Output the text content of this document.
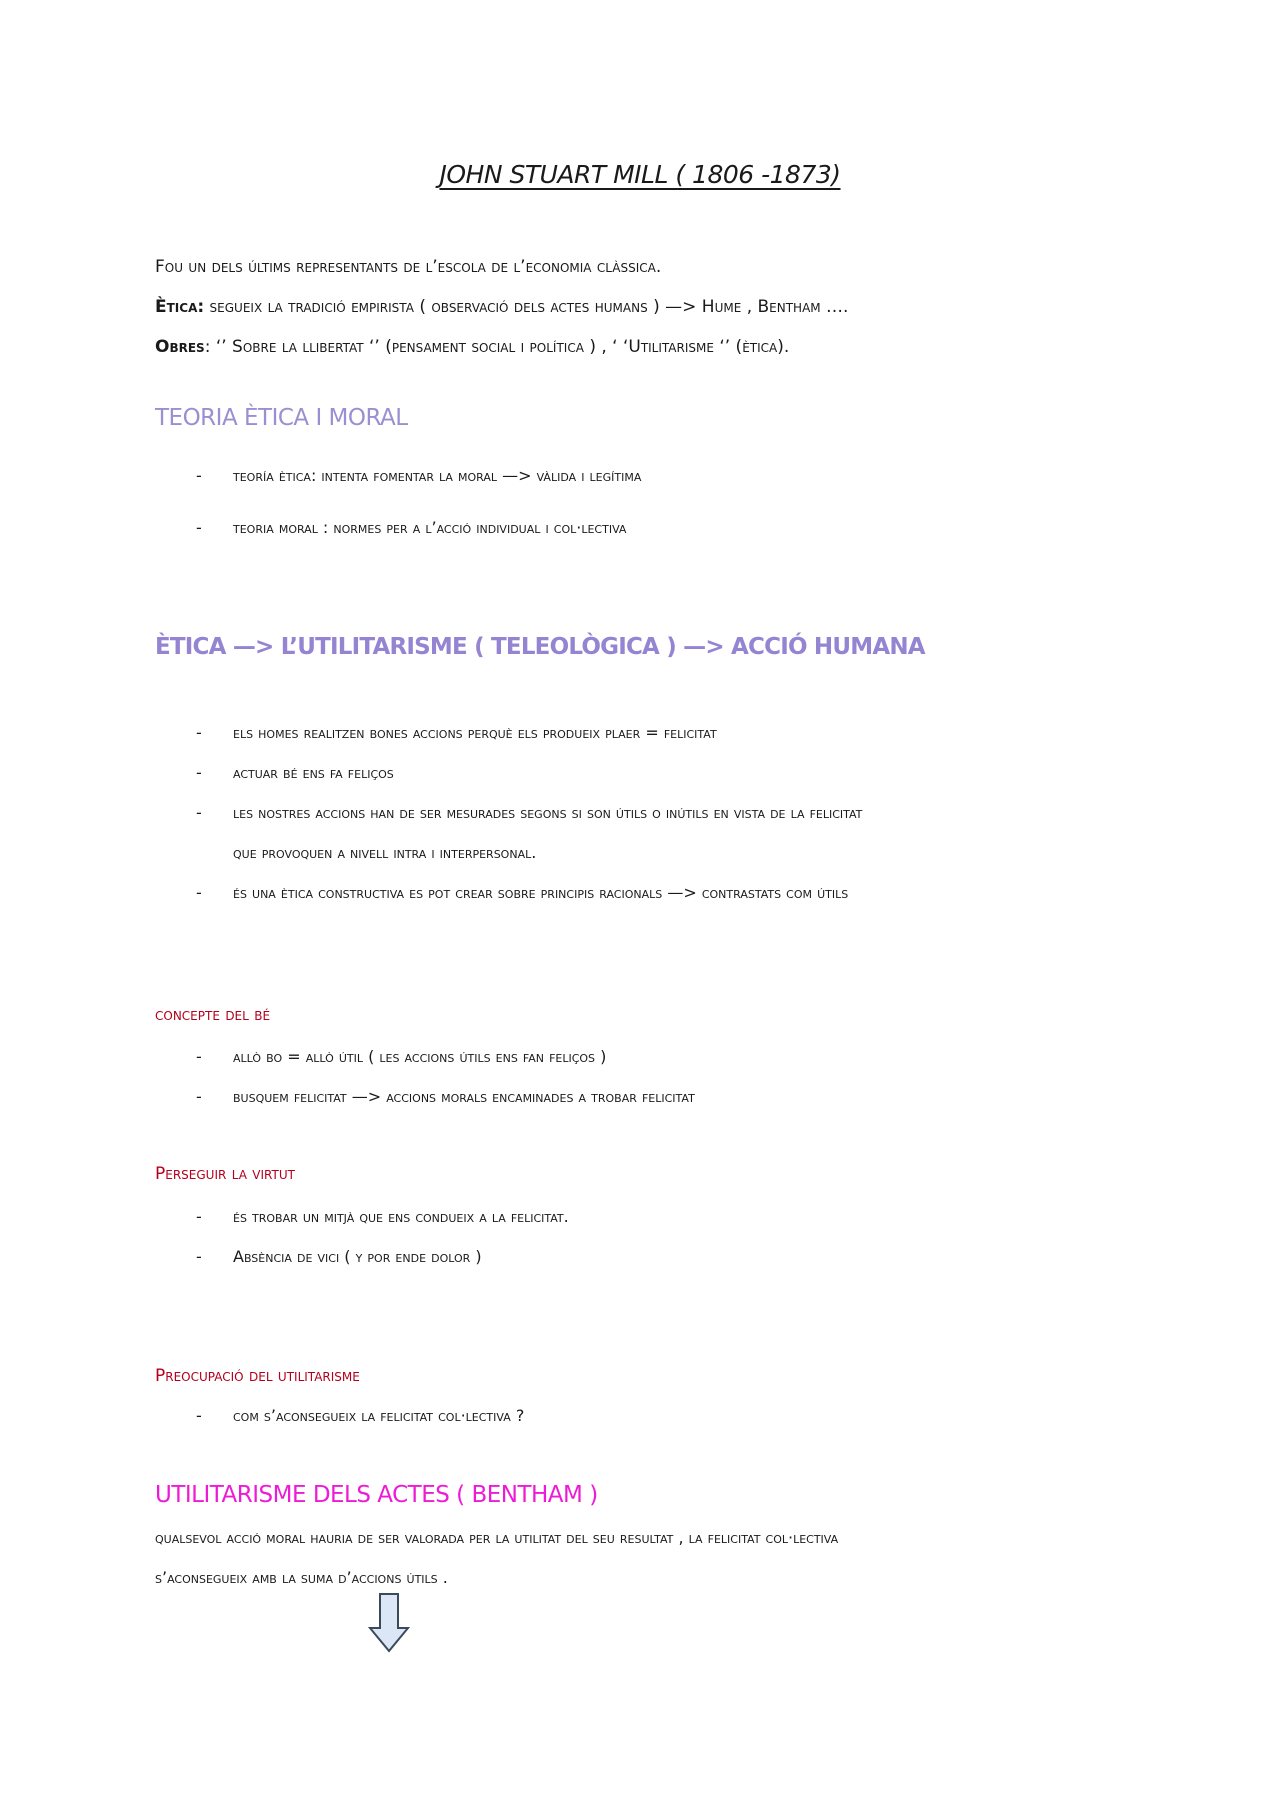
JOHN STUART MILL ( 1806 -1873)

Fou un dels últims representants de l’escola de l’economia clàssica.

Ètica: segueix la tradició empirista ( observació dels actes humans ) —> Hume , Bentham ….

Obres: ‘’ Sobre la llibertat ‘’ (pensament social i política ) , ‘ ‘Utilitarisme ‘’ (ètica).

TEORIA ÈTICA I MORAL
- teoría ètica: intenta fomentar la moral —> vàlida i legítima
- teoria moral : normes per a l’acció individual i col·lectiva
ÈTICA —> L’UTILITARISME ( TELEOLÒGICA ) —> ACCIÓ HUMANA
- els homes realitzen bones accions perquè els produeix plaer = felicitat
- actuar bé ens fa feliços
- les nostres accions han de ser mesurades segons si son útils o inútils en vista de la felicitat
que provoquen a nivell intra i interpersonal.
- és una ètica constructiva es pot crear sobre principis racionals —> contrastats com útils
concepte del bé
- allò bo = allò útil ( les accions útils ens fan feliços )
- busquem felicitat —> accions morals encaminades a trobar felicitat
Perseguir la virtut
- és trobar un mitjà que ens condueix a la felicitat.
- Absència de vici ( y por ende dolor )
Preocupació del utilitarisme
- com s’aconsegueix la felicitat col·lectiva ?
UTILITARISME DELS ACTES ( BENTHAM )

qualsevol acció moral hauria de ser valorada per la utilitat del seu resultat , la felicitat col·lectiva

s’aconsegueix amb la suma d’accions útils .
